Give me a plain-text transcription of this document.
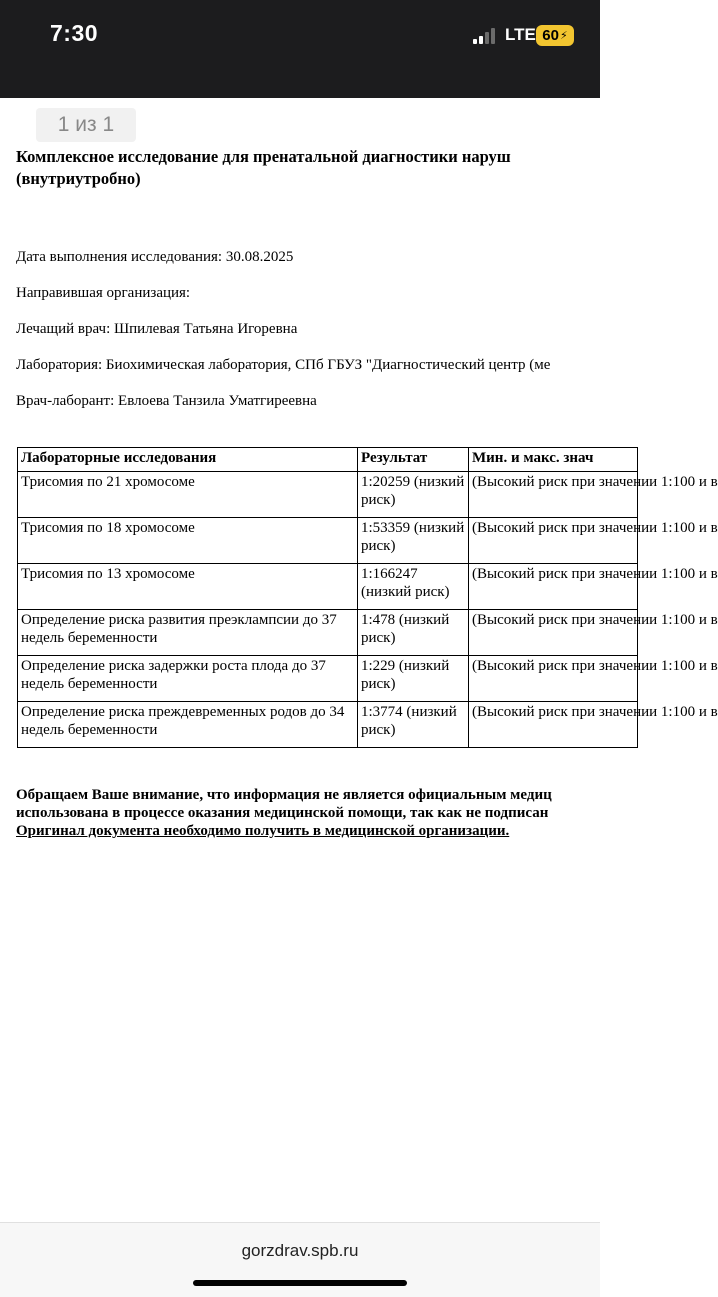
7:30	LTE 60 ⚡
1 из 1
Комплексное исследование для пренатальной диагностики наруш
(внутриутробно)
Дата выполнения исследования: 30.08.2025
Направившая организация:
Лечащий врач: Шпилевая Татьяна Игоревна
Лаборатория: Биохимическая лаборатория, СПб ГБУЗ "Диагностический центр (ме
Врач-лаборант: Евлоева Танзила Уматгиреевна
Лабораторные исследования	Результат	Мин. и макс. знач
Трисомия по 21 хромосоме	1:20259 (низкий риск)	(Высокий риск при значении 1:100 и в
Трисомия по 18 хромосоме	1:53359 (низкий риск)	(Высокий риск при значении 1:100 и в
Трисомия по 13 хромосоме	1:166247 (низкий риск)	(Высокий риск при значении 1:100 и в
Определение риска развития преэклампсии до 37 недель беременности	1:478 (низкий риск)	(Высокий риск при значении 1:100 и в
Определение риска задержки роста плода до 37 недель беременности	1:229 (низкий риск)	(Высокий риск при значении 1:100 и в
Определение риска преждевременных родов до 34 недель беременности	1:3774 (низкий риск)	(Высокий риск при значении 1:100 и в
Обращаем Ваше внимание, что информация не является официальным медиц
использована в процессе оказания медицинской помощи, так как не подписан
Оригинал документа необходимо получить в медицинской организации.
gorzdrav.spb.ru
